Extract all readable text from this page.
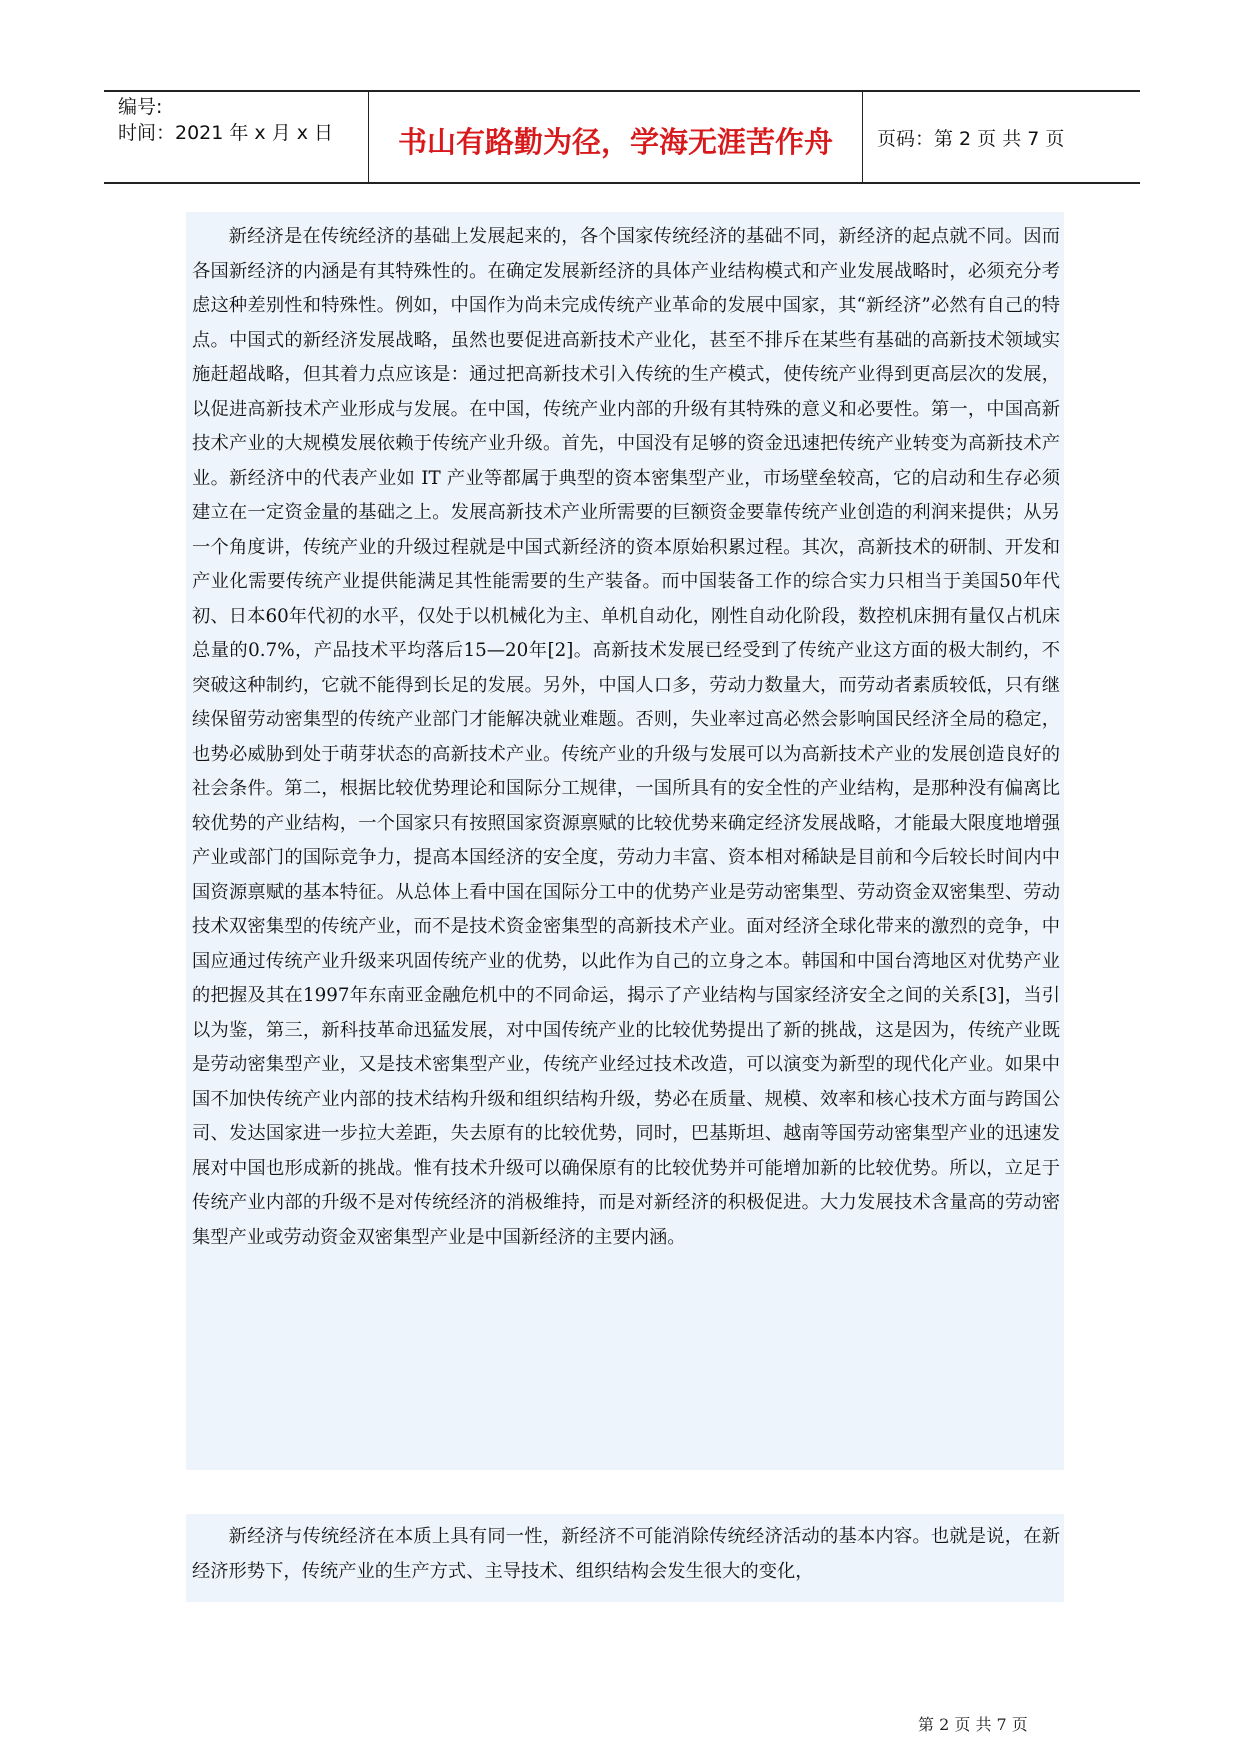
编号:
时间：2021 年 x 月 x 日	书山有路勤为径，学海无涯苦作舟	页码：第 2 页 共 7 页

新经济是在传统经济的基础上发展起来的，各个国家传统经济的基础不同，新经济的起点就不同。因而各国新经济的内涵是有其特殊性的。在确定发展新经济的具体产业结构模式和产业发展战略时，必须充分考虑这种差别性和特殊性。例如，中国作为尚未完成传统产业革命的发展中国家，其“新经济”必然有自己的特点。中国式的新经济发展战略，虽然也要促进高新技术产业化，甚至不排斥在某些有基础的高新技术领域实施赶超战略，但其着力点应该是：通过把高新技术引入传统的生产模式，使传统产业得到更高层次的发展，以促进高新技术产业形成与发展。在中国，传统产业内部的升级有其特殊的意义和必要性。第一，中国高新技术产业的大规模发展依赖于传统产业升级。首先，中国没有足够的资金迅速把传统产业转变为高新技术产业。新经济中的代表产业如 IT 产业等都属于典型的资本密集型产业，市场壁垒较高，它的启动和生存必须建立在一定资金量的基础之上。发展高新技术产业所需要的巨额资金要靠传统产业创造的利润来提供；从另一个角度讲，传统产业的升级过程就是中国式新经济的资本原始积累过程。其次，高新技术的研制、开发和产业化需要传统产业提供能满足其性能需要的生产装备。而中国装备工作的综合实力只相当于美国50年代初、日本60年代初的水平，仅处于以机械化为主、单机自动化，刚性自动化阶段，数控机床拥有量仅占机床总量的0.7%，产品技术平均落后15—20年[2]。高新技术发展已经受到了传统产业这方面的极大制约，不突破这种制约，它就不能得到长足的发展。另外，中国人口多，劳动力数量大，而劳动者素质较低，只有继续保留劳动密集型的传统产业部门才能解决就业难题。否则，失业率过高必然会影响国民经济全局的稳定，也势必威胁到处于萌芽状态的高新技术产业。传统产业的升级与发展可以为高新技术产业的发展创造良好的社会条件。第二，根据比较优势理论和国际分工规律，一国所具有的安全性的产业结构，是那种没有偏离比较优势的产业结构，一个国家只有按照国家资源禀赋的比较优势来确定经济发展战略，才能最大限度地增强产业或部门的国际竞争力，提高本国经济的安全度，劳动力丰富、资本相对稀缺是目前和今后较长时间内中国资源禀赋的基本特征。从总体上看中国在国际分工中的优势产业是劳动密集型、劳动资金双密集型、劳动技术双密集型的传统产业，而不是技术资金密集型的高新技术产业。面对经济全球化带来的激烈的竞争，中国应通过传统产业升级来巩固传统产业的优势，以此作为自己的立身之本。韩国和中国台湾地区对优势产业的把握及其在1997年东南亚金融危机中的不同命运，揭示了产业结构与国家经济安全之间的关系[3]，当引以为鉴，第三，新科技革命迅猛发展，对中国传统产业的比较优势提出了新的挑战，这是因为，传统产业既是劳动密集型产业，又是技术密集型产业，传统产业经过技术改造，可以演变为新型的现代化产业。如果中国不加快传统产业内部的技术结构升级和组织结构升级，势必在质量、规模、效率和核心技术方面与跨国公司、发达国家进一步拉大差距，失去原有的比较优势，同时，巴基斯坦、越南等国劳动密集型产业的迅速发展对中国也形成新的挑战。惟有技术升级可以确保原有的比较优势并可能增加新的比较优势。所以，立足于传统产业内部的升级不是对传统经济的消极维持，而是对新经济的积极促进。大力发展技术含量高的劳动密集型产业或劳动资金双密集型产业是中国新经济的主要内涵。

新经济与传统经济在本质上具有同一性，新经济不可能消除传统经济活动的基本内容。也就是说，在新经济形势下，传统产业的生产方式、主导技术、组织结构会发生很大的变化，

第 2 页 共 7 页
